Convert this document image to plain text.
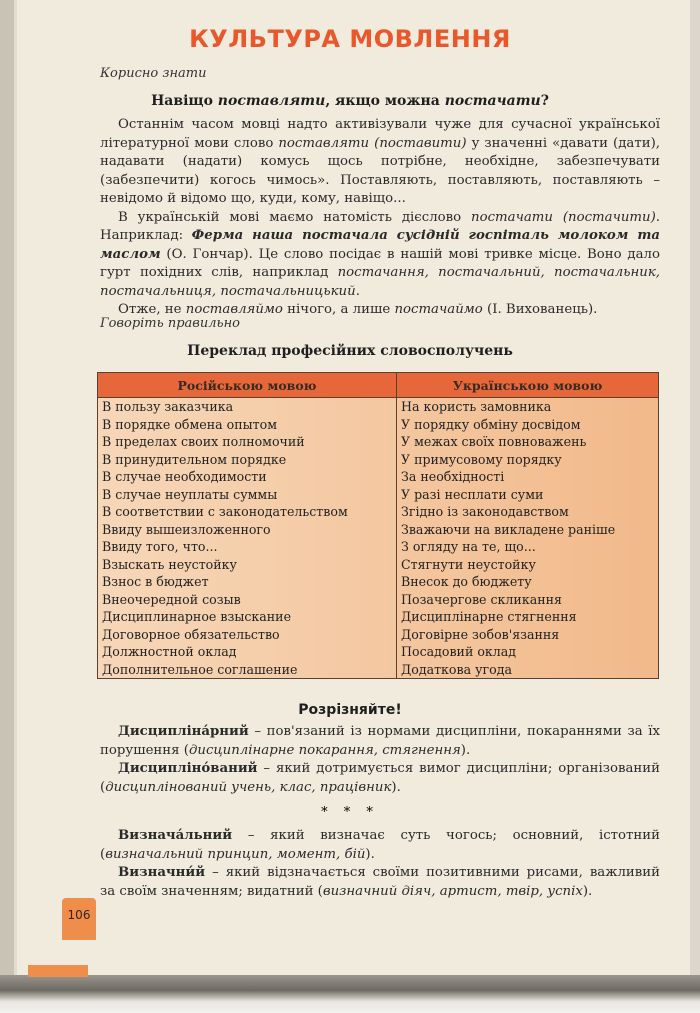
КУЛЬТУРА МОВЛЕННЯ
Корисно знати
Навіщо поставляти, якщо можна постачати?

Останнім часом мовці надто активізували чуже для сучасної української літературної мови слово поставляти (поставити) у значенні «давати (дати), надавати (надати) комусь щось потрібне, необхідне, забезпечувати (забезпечити) когось чимось». Поставляють, поставляють, поставляють – невідомо й відомо що, куди, кому, навіщо...

В українській мові маємо натомість дієслово постачати (постачити). Наприклад: Ферма наша постачала сусідній госпіталь молоком та маслом (О. Гончар). Це слово посідає в нашій мові тривке місце. Воно дало гурт похідних слів, наприклад постачання, постачальний, постачальник, постачальниця, постачальницький.

Отже, не поставляймо нічого, а лише постачаймо (І. Вихованець).

Говоріть правильно
Переклад професійних словосполучень
Російською мовою	Українською мовою
В пользу заказчика	На користь замовника
В порядке обмена опытом	У порядку обміну досвідом
В пределах своих полномочий	У межах своїх повноважень
В принудительном порядке	У примусовому порядку
В случае необходимости	За необхідності
В случае неуплаты суммы	У разі несплати суми
В соответствии с законодательством	Згідно із законодавством
Ввиду вышеизложенного	Зважаючи на викладене раніше
Ввиду того, что...	З огляду на те, що...
Взыскать неустойку	Стягнути неустойку
Взнос в бюджет	Внесок до бюджету
Внеочередной созыв	Позачергове скликання
Дисциплинарное взыскание	Дисциплінарне стягнення
Договорное обязательство	Договірне зобов'язання
Должностной оклад	Посадовий оклад
Дополнительное соглашение	Додаткова угода
Розрізняйте!

Дисциплiна́рний – пов'язаний із нормами дисципліни, покараннями за їх порушення (дисциплінарне покарання, стягнення).

Дисциплiно́ваний – який дотримується вимог дисципліни; організований (дисциплінований учень, клас, працівник).

* * *

Визнача́льний – який визначає суть чогось; основний, істотний (визначальний принцип, момент, бій).

Визначни́й – який відзначається своїми позитивними рисами, важливий за своїм значенням; видатний (визначний діяч, артист, твір, успіх).

106
